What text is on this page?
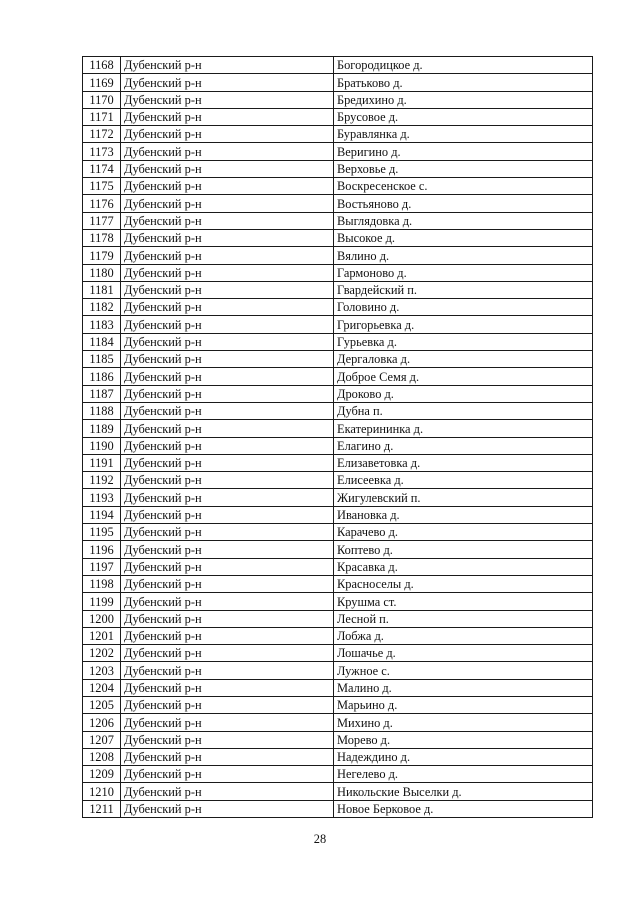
1168	Дубенский р-н	Богородицкое д.
1169	Дубенский р-н	Братьково д.
1170	Дубенский р-н	Бредихино д.
1171	Дубенский р-н	Брусовое д.
1172	Дубенский р-н	Буравлянка д.
1173	Дубенский р-н	Веригино д.
1174	Дубенский р-н	Верховье д.
1175	Дубенский р-н	Воскресенское с.
1176	Дубенский р-н	Востьяново д.
1177	Дубенский р-н	Выглядовка д.
1178	Дубенский р-н	Высокое д.
1179	Дубенский р-н	Вялино д.
1180	Дубенский р-н	Гармоново д.
1181	Дубенский р-н	Гвардейский п.
1182	Дубенский р-н	Головино д.
1183	Дубенский р-н	Григорьевка д.
1184	Дубенский р-н	Гурьевка д.
1185	Дубенский р-н	Дергаловка д.
1186	Дубенский р-н	Доброе Семя д.
1187	Дубенский р-н	Дроково д.
1188	Дубенский р-н	Дубна п.
1189	Дубенский р-н	Екатерининка д.
1190	Дубенский р-н	Елагино д.
1191	Дубенский р-н	Елизаветовка д.
1192	Дубенский р-н	Елисеевка д.
1193	Дубенский р-н	Жигулевский п.
1194	Дубенский р-н	Ивановка д.
1195	Дубенский р-н	Карачево д.
1196	Дубенский р-н	Коптево д.
1197	Дубенский р-н	Красавка д.
1198	Дубенский р-н	Красноселы д.
1199	Дубенский р-н	Крушма ст.
1200	Дубенский р-н	Лесной п.
1201	Дубенский р-н	Лобжа д.
1202	Дубенский р-н	Лошачье д.
1203	Дубенский р-н	Лужное с.
1204	Дубенский р-н	Малино д.
1205	Дубенский р-н	Марьино д.
1206	Дубенский р-н	Михино д.
1207	Дубенский р-н	Морево д.
1208	Дубенский р-н	Надеждино д.
1209	Дубенский р-н	Негелево д.
1210	Дубенский р-н	Никольские Выселки д.
1211	Дубенский р-н	Новое Берковое д.
28
